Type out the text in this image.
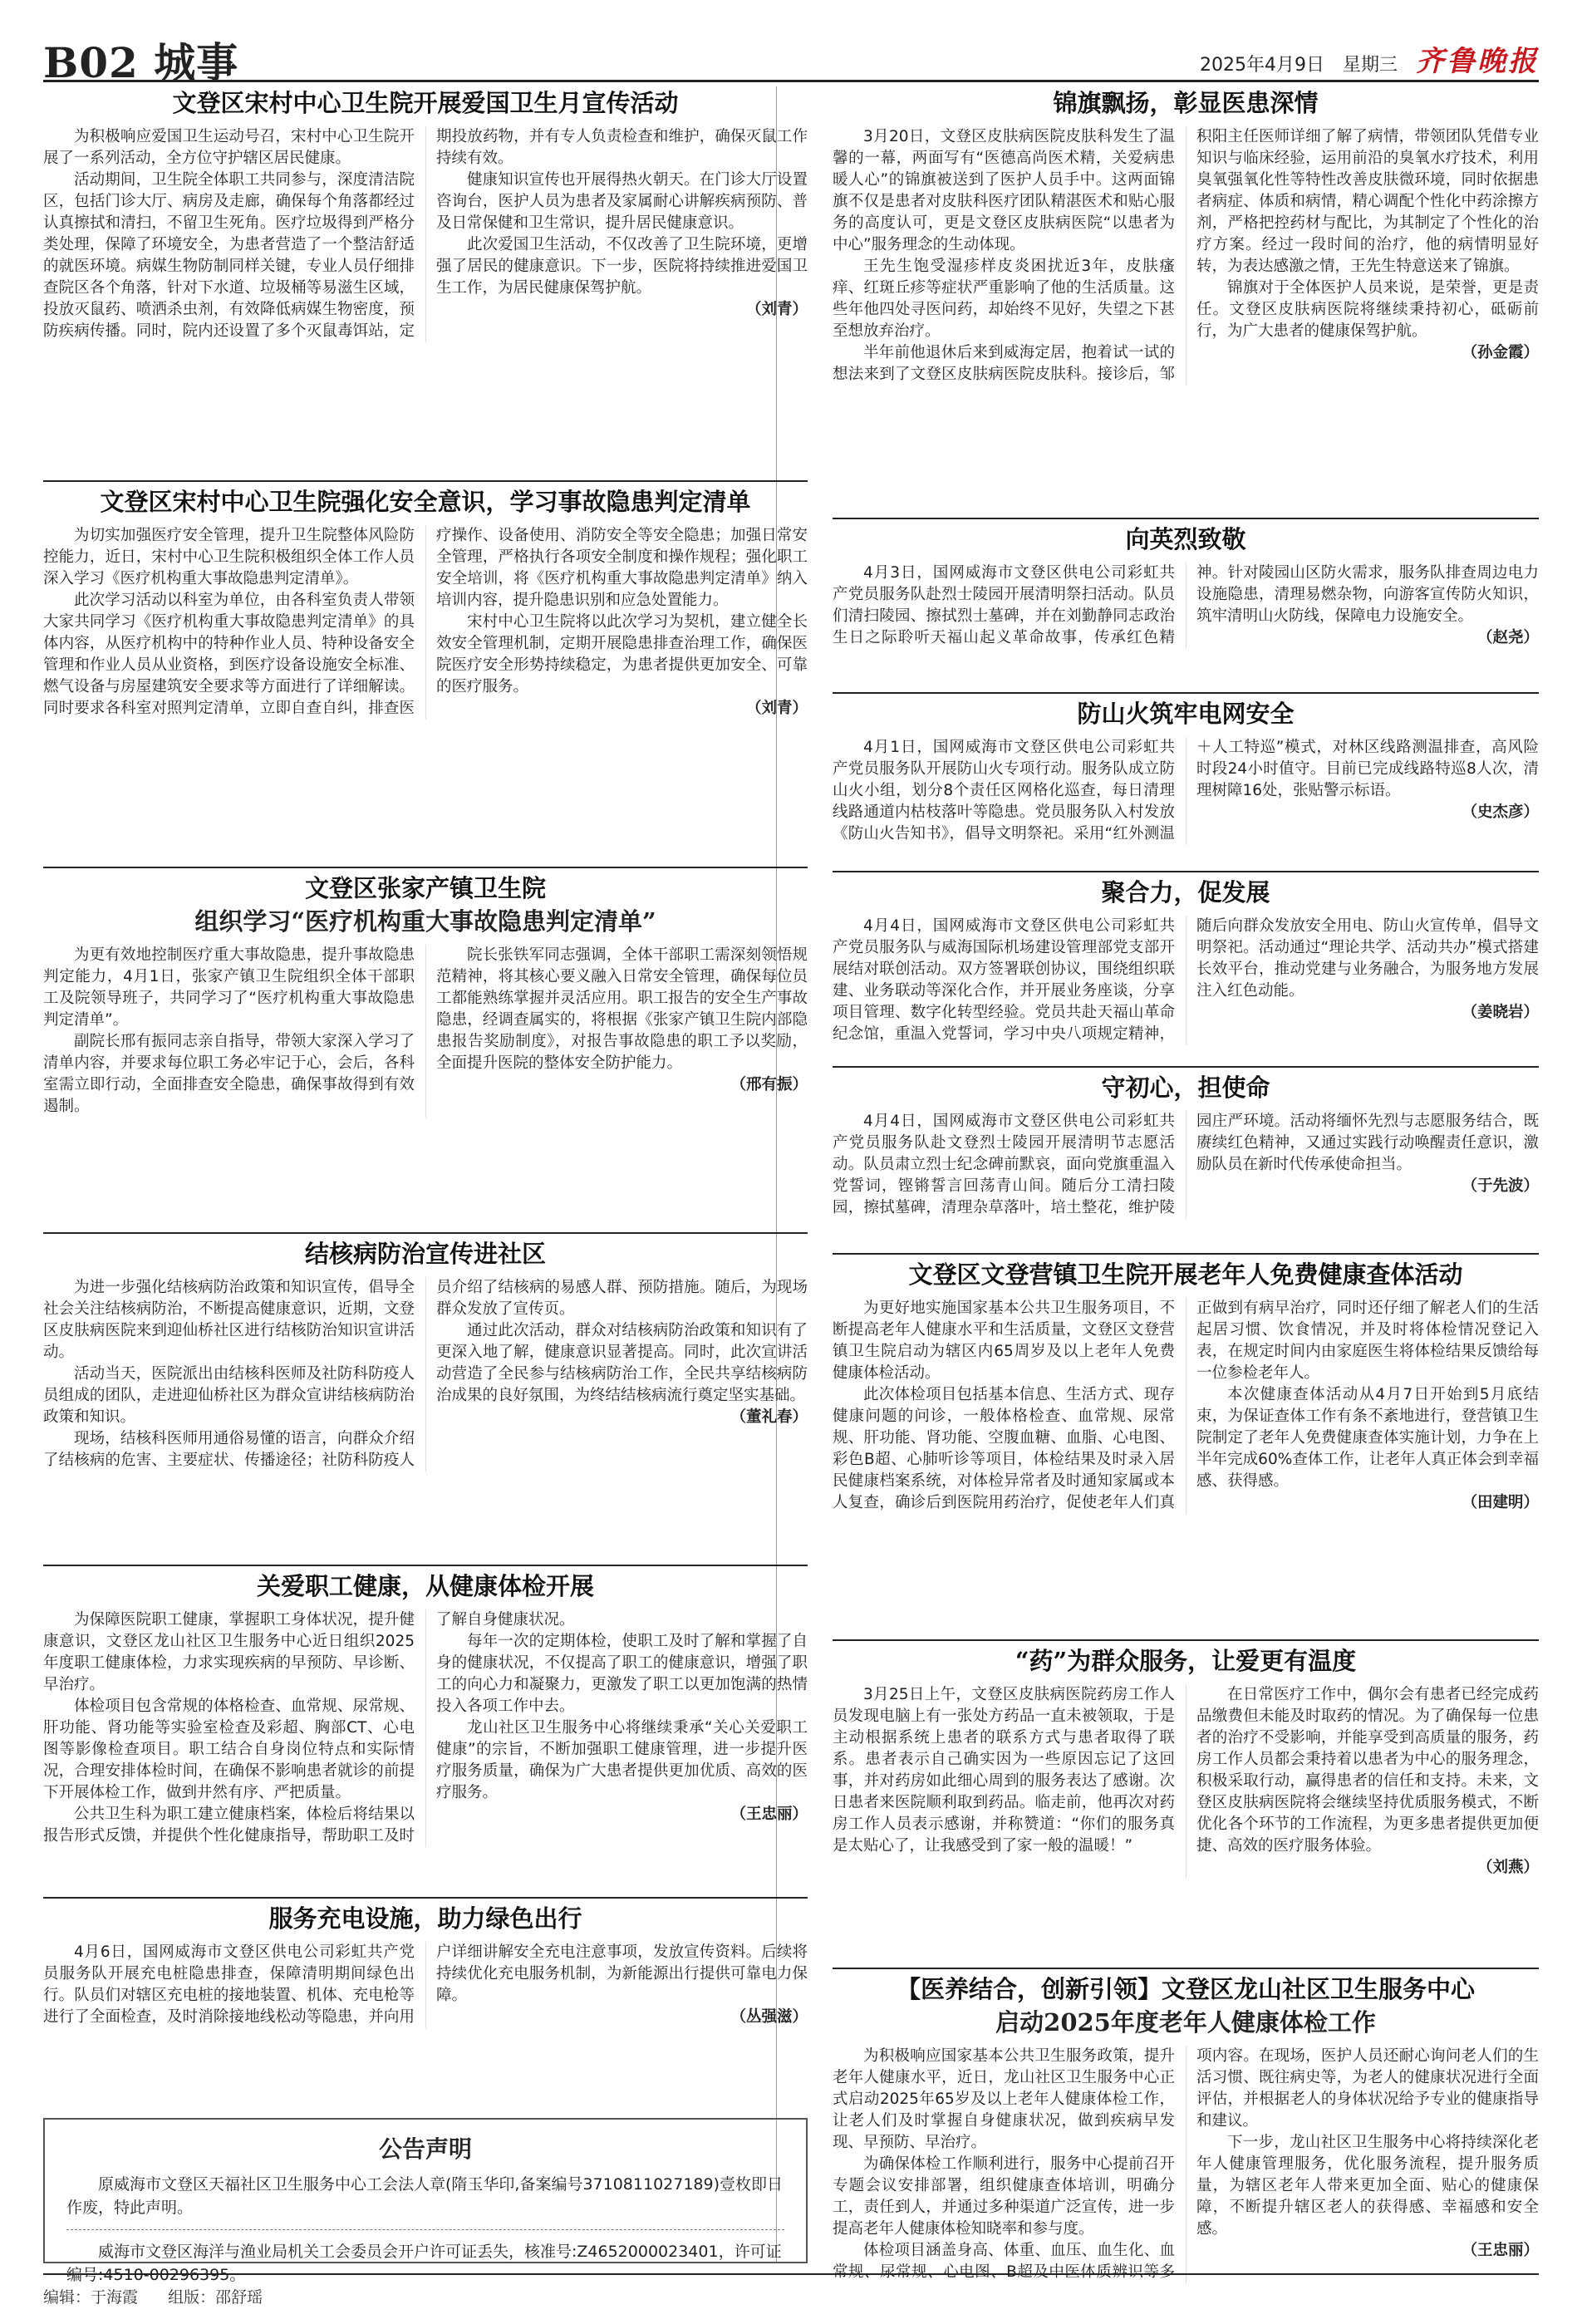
B02 城事	2025年4月9日 星期三 齐鲁晚报
文登区宋村中心卫生院开展爱国卫生月宣传活动

为积极响应爱国卫生运动号召，宋村中心卫生院开展了一系列活动，全方位守护辖区居民健康。

活动期间，卫生院全体职工共同参与，深度清洁院区，包括门诊大厅、病房及走廊，确保每个角落都经过认真擦拭和清扫，不留卫生死角。医疗垃圾得到严格分类处理，保障了环境安全，为患者营造了一个整洁舒适的就医环境。病媒生物防制同样关键，专业人员仔细排查院区各个角落，针对下水道、垃圾桶等易滋生区域，投放灭鼠药、喷洒杀虫剂，有效降低病媒生物密度，预防疾病传播。同时，院内还设置了多个灭鼠毒饵站，定期投放药物，并有专人负责检查和维护，确保灭鼠工作持续有效。

健康知识宣传也开展得热火朝天。在门诊大厅设置咨询台，医护人员为患者及家属耐心讲解疾病预防、普及日常保健和卫生常识，提升居民健康意识。

此次爱国卫生活动，不仅改善了卫生院环境，更增强了居民的健康意识。下一步，医院将持续推进爱国卫生工作，为居民健康保驾护航。

（刘青）
文登区宋村中心卫生院强化安全意识，学习事故隐患判定清单

为切实加强医疗安全管理，提升卫生院整体风险防控能力，近日，宋村中心卫生院积极组织全体工作人员深入学习《医疗机构重大事故隐患判定清单》。

此次学习活动以科室为单位，由各科室负责人带领大家共同学习《医疗机构重大事故隐患判定清单》的具体内容，从医疗机构中的特种作业人员、特种设备安全管理和作业人员从业资格，到医疗设备设施安全标准、燃气设备与房屋建筑安全要求等方面进行了详细解读。同时要求各科室对照判定清单，立即自查自纠，排查医疗操作、设备使用、消防安全等安全隐患；加强日常安全管理，严格执行各项安全制度和操作规程；强化职工安全培训，将《医疗机构重大事故隐患判定清单》纳入培训内容，提升隐患识别和应急处置能力。

宋村中心卫生院将以此次学习为契机，建立健全长效安全管理机制，定期开展隐患排查治理工作，确保医院医疗安全形势持续稳定，为患者提供更加安全、可靠的医疗服务。

（刘青）
文登区张家产镇卫生院
组织学习“医疗机构重大事故隐患判定清单”

为更有效地控制医疗重大事故隐患，提升事故隐患判定能力，4月1日，张家产镇卫生院组织全体干部职工及院领导班子，共同学习了“医疗机构重大事故隐患判定清单”。

副院长邢有振同志亲自指导，带领大家深入学习了清单内容，并要求每位职工务必牢记于心，会后，各科室需立即行动，全面排查安全隐患，确保事故得到有效遏制。

院长张铁军同志强调，全体干部职工需深刻领悟规范精神，将其核心要义融入日常安全管理，确保每位员工都能熟练掌握并灵活应用。职工报告的安全生产事故隐患，经调查属实的，将根据《张家产镇卫生院内部隐患报告奖励制度》，对报告事故隐患的职工予以奖励，全面提升医院的整体安全防护能力。

（邢有振）
结核病防治宣传进社区

为进一步强化结核病防治政策和知识宣传，倡导全社会关注结核病防治，不断提高健康意识，近期，文登区皮肤病医院来到迎仙桥社区进行结核防治知识宣讲活动。

活动当天，医院派出由结核科医师及社防科防疫人员组成的团队，走进迎仙桥社区为群众宣讲结核病防治政策和知识。

现场，结核科医师用通俗易懂的语言，向群众介绍了结核病的危害、主要症状、传播途径；社防科防疫人员介绍了结核病的易感人群、预防措施。随后，为现场群众发放了宣传页。

通过此次活动，群众对结核病防治政策和知识有了更深入地了解，健康意识显著提高。同时，此次宣讲活动营造了全民参与结核病防治工作，全民共享结核病防治成果的良好氛围，为终结结核病流行奠定坚实基础。

（董礼春）
关爱职工健康，从健康体检开展

为保障医院职工健康，掌握职工身体状况，提升健康意识，文登区龙山社区卫生服务中心近日组织2025年度职工健康体检，力求实现疾病的早预防、早诊断、早治疗。

体检项目包含常规的体格检查、血常规、尿常规、肝功能、肾功能等实验室检查及彩超、胸部CT、心电图等影像检查项目。职工结合自身岗位特点和实际情况，合理安排体检时间，在确保不影响患者就诊的前提下开展体检工作，做到井然有序、严把质量。

公共卫生科为职工建立健康档案，体检后将结果以报告形式反馈，并提供个性化健康指导，帮助职工及时了解自身健康状况。

每年一次的定期体检，使职工及时了解和掌握了自身的健康状况，不仅提高了职工的健康意识，增强了职工的向心力和凝聚力，更激发了职工以更加饱满的热情投入各项工作中去。

龙山社区卫生服务中心将继续秉承“关心关爱职工健康”的宗旨，不断加强职工健康管理，进一步提升医疗服务质量，确保为广大患者提供更加优质、高效的医疗服务。

（王忠丽）
服务充电设施，助力绿色出行

4月6日，国网威海市文登区供电公司彩虹共产党员服务队开展充电桩隐患排查，保障清明期间绿色出行。队员们对辖区充电桩的接地装置、机体、充电枪等进行了全面检查，及时消除接地线松动等隐患，并向用户详细讲解安全充电注意事项，发放宣传资料。后续将持续优化充电服务机制，为新能源出行提供可靠电力保障。

（丛强滋）
公告声明

原威海市文登区天福社区卫生服务中心工会法人章(隋玉华印,备案编号3710811027189)壹枚即日作废，特此声明。

威海市文登区海洋与渔业局机关工会委员会开户许可证丢失，核准号:Z4652000023401，许可证编号:4510-00296395。

锦旗飘扬，彰显医患深情

3月20日，文登区皮肤病医院皮肤科发生了温馨的一幕，两面写有“医德高尚医术精，关爱病患暖人心”的锦旗被送到了医护人员手中。这两面锦旗不仅是患者对皮肤科医疗团队精湛医术和贴心服务的高度认可，更是文登区皮肤病医院“以患者为中心”服务理念的生动体现。

王先生饱受湿疹样皮炎困扰近3年，皮肤瘙痒、红斑丘疹等症状严重影响了他的生活质量。这些年他四处寻医问药，却始终不见好，失望之下甚至想放弃治疗。

半年前他退休后来到威海定居，抱着试一试的想法来到了文登区皮肤病医院皮肤科。接诊后，邹积阳主任医师详细了解了病情，带领团队凭借专业知识与临床经验，运用前沿的臭氧水疗技术，利用臭氧强氧化性等特性改善皮肤微环境，同时依据患者病症、体质和病情，精心调配个性化中药涂擦方剂，严格把控药材与配比，为其制定了个性化的治疗方案。经过一段时间的治疗，他的病情明显好转，为表达感激之情，王先生特意送来了锦旗。

锦旗对于全体医护人员来说，是荣誉，更是责任。文登区皮肤病医院将继续秉持初心，砥砺前行，为广大患者的健康保驾护航。

（孙金霞）
向英烈致敬

4月3日，国网威海市文登区供电公司彩虹共产党员服务队赴烈士陵园开展清明祭扫活动。队员们清扫陵园、擦拭烈士墓碑，并在刘勤静同志政治生日之际聆听天福山起义革命故事，传承红色精神。针对陵园山区防火需求，服务队排查周边电力设施隐患，清理易燃杂物，向游客宣传防火知识，筑牢清明山火防线，保障电力设施安全。

（赵尧）
防山火筑牢电网安全

4月1日，国网威海市文登区供电公司彩虹共产党员服务队开展防山火专项行动。服务队成立防山火小组，划分8个责任区网格化巡查，每日清理线路通道内枯枝落叶等隐患。党员服务队入村发放《防山火告知书》，倡导文明祭祀。采用“红外测温＋人工特巡”模式，对林区线路测温排查，高风险时段24小时值守。目前已完成线路特巡8人次，清理树障16处，张贴警示标语。

（史杰彦）
聚合力，促发展

4月4日，国网威海市文登区供电公司彩虹共产党员服务队与威海国际机场建设管理部党支部开展结对联创活动。双方签署联创协议，围绕组织联建、业务联动等深化合作，并开展业务座谈，分享项目管理、数字化转型经验。党员共赴天福山革命纪念馆，重温入党誓词，学习中央八项规定精神，随后向群众发放安全用电、防山火宣传单，倡导文明祭祀。活动通过“理论共学、活动共办”模式搭建长效平台，推动党建与业务融合，为服务地方发展注入红色动能。

（姜晓岩）
守初心，担使命

4月4日，国网威海市文登区供电公司彩虹共产党员服务队赴文登烈士陵园开展清明节志愿活动。队员肃立烈士纪念碑前默哀，面向党旗重温入党誓词，铿锵誓言回荡青山间。随后分工清扫陵园，擦拭墓碑，清理杂草落叶，培土整花，维护陵园庄严环境。活动将缅怀先烈与志愿服务结合，既赓续红色精神，又通过实践行动唤醒责任意识，激励队员在新时代传承使命担当。

（于先波）
文登区文登营镇卫生院开展老年人免费健康查体活动

为更好地实施国家基本公共卫生服务项目，不断提高老年人健康水平和生活质量，文登区文登营镇卫生院启动为辖区内65周岁及以上老年人免费健康体检活动。

此次体检项目包括基本信息、生活方式、现存健康问题的问诊，一般体格检查、血常规、尿常规、肝功能、肾功能、空腹血糖、血脂、心电图、彩色B超、心肺听诊等项目，体检结果及时录入居民健康档案系统，对体检异常者及时通知家属或本人复查，确诊后到医院用药治疗，促使老年人们真正做到有病早治疗，同时还仔细了解老人们的生活起居习惯、饮食情况，并及时将体检情况登记入表，在规定时间内由家庭医生将体检结果反馈给每一位参检老年人。

本次健康查体活动从4月7日开始到5月底结束，为保证查体工作有条不紊地进行，登营镇卫生院制定了老年人免费健康查体实施计划，力争在上半年完成60%查体工作，让老年人真正体会到幸福感、获得感。

（田建明）
“药”为群众服务，让爱更有温度

3月25日上午，文登区皮肤病医院药房工作人员发现电脑上有一张处方药品一直未被领取，于是主动根据系统上患者的联系方式与患者取得了联系。患者表示自己确实因为一些原因忘记了这回事，并对药房如此细心周到的服务表达了感谢。次日患者来医院顺利取到药品。临走前，他再次对药房工作人员表示感谢，并称赞道：“你们的服务真是太贴心了，让我感受到了家一般的温暖！”

在日常医疗工作中，偶尔会有患者已经完成药品缴费但未能及时取药的情况。为了确保每一位患者的治疗不受影响，并能享受到高质量的服务，药房工作人员都会秉持着以患者为中心的服务理念，积极采取行动，赢得患者的信任和支持。未来，文登区皮肤病医院将会继续坚持优质服务模式，不断优化各个环节的工作流程，为更多患者提供更加便捷、高效的医疗服务体验。

（刘燕）
【医养结合，创新引领】文登区龙山社区卫生服务中心
启动2025年度老年人健康体检工作

为积极响应国家基本公共卫生服务政策，提升老年人健康水平，近日，龙山社区卫生服务中心正式启动2025年65岁及以上老年人健康体检工作，让老人们及时掌握自身健康状况，做到疾病早发现、早预防、早治疗。

为确保体检工作顺利进行，服务中心提前召开专题会议安排部署，组织健康查体培训，明确分工，责任到人，并通过多种渠道广泛宣传，进一步提高老年人健康体检知晓率和参与度。

体检项目涵盖身高、体重、血压、血生化、血常规、尿常规、心电图、B超及中医体质辨识等多项内容。在现场，医护人员还耐心询问老人们的生活习惯、既往病史等，为老人的健康状况进行全面评估，并根据老人的身体状况给予专业的健康指导和建议。

下一步，龙山社区卫生服务中心将持续深化老年人健康管理服务，优化服务流程，提升服务质量，为辖区老年人带来更加全面、贴心的健康保障，不断提升辖区老人的获得感、幸福感和安全感。

（王忠丽）
编辑：于海霞 组版：邵舒瑶
